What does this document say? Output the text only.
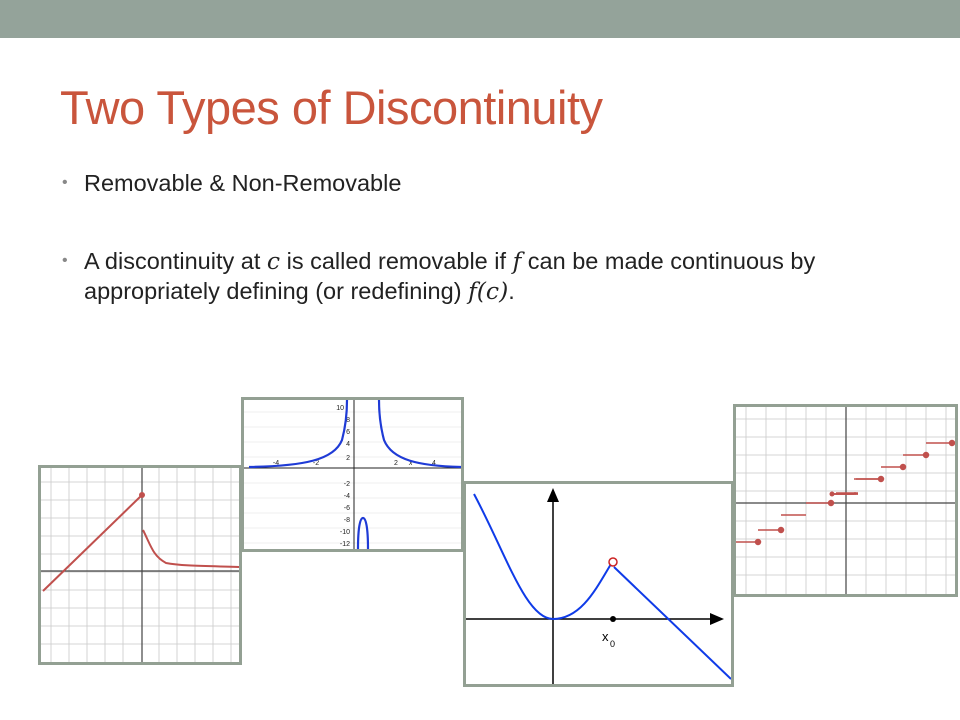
Two Types of Discontinuity
• Removable & Non-Removable
• A discontinuity at c is called removable if f can be made continuous by appropriately defining (or redefining) f(c).
10
8
6
4
2
-2
-4
-6
-8
-10
-12
-4	-2	2	4
x
x 0
